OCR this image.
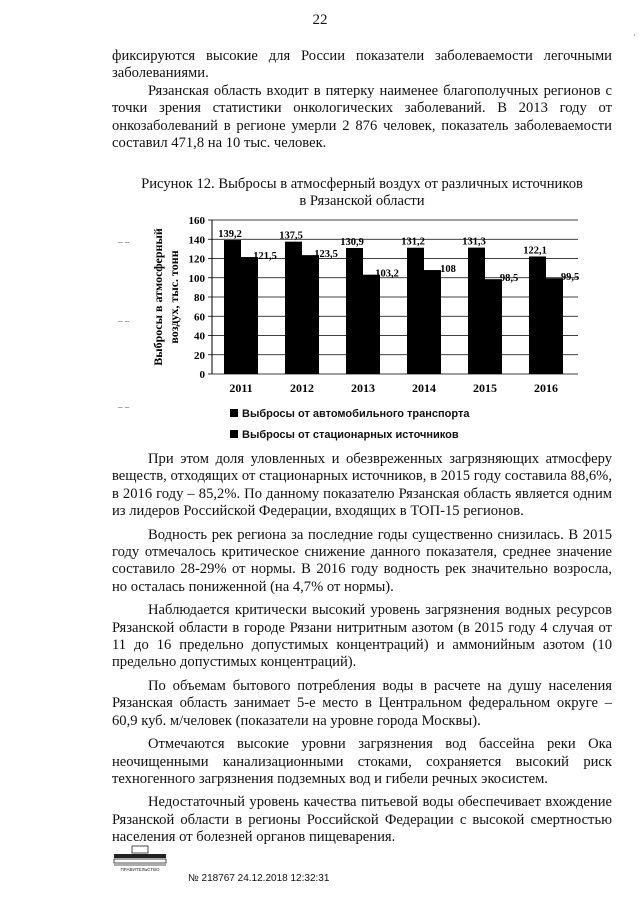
22
·

фиксируются высокие для России показатели заболеваемости легочными заболеваниями.

Рязанская область входит в пятерку наименее благополучных регионов с точки зрения статистики онкологических заболеваний. В 2013 году от онкозаболеваний в регионе умерли 2 876 человек, показатель заболеваемости составил 471,8 на 10 тыс. человек.

Рисунок 12. Выбросы в атмосферный воздух от различных источников
в Рязанской области
Выбросы в атмосферный воздух, тыс. тонн
0
20
40
60
80
100
120
140
160
139,2
121,5
137,5
123,5
130,9
103,2
131,2
108
131,3
98,5
122,1
99,5
2011	2012	2013	2014	2015	2016
Выбросы от автомобильного транспорта
Выбросы от стационарных источников
– –
– –
– –

При этом доля уловленных и обезвреженных загрязняющих атмосферу веществ, отходящих от стационарных источников, в 2015 году составила 88,6%, в 2016 году – 85,2%. По данному показателю Рязанская область является одним из лидеров Российской Федерации, входящих в ТОП-15 регионов.

Водность рек региона за последние годы существенно снизилась. В 2015 году отмечалось критическое снижение данного показателя, среднее значение составило 28-29% от нормы. В 2016 году водность рек значительно возросла, но осталась пониженной (на 4,7% от нормы).

Наблюдается критически высокий уровень загрязнения водных ресурсов Рязанской области в городе Рязани нитритным азотом (в 2015 году 4 случая от 11 до 16 предельно допустимых концентраций) и аммонийным азотом (10 предельно допустимых концентраций).

По объемам бытового потребления воды в расчете на душу населения Рязанская область занимает 5-е место в Центральном федеральном округе – 60,9 куб. м/человек (показатели на уровне города Москвы).

Отмечаются высокие уровни загрязнения вод бассейна реки Ока неочищенными канализационными стоками, сохраняется высокий риск техногенного загрязнения подземных вод и гибели речных экосистем.

Недостаточный уровень качества питьевой воды обеспечивает вхождение Рязанской области в регионы Российской Федерации с высокой смертностью населения от болезней органов пищеварения.

ПРАВИТЕЛЬСТВО
№ 218767 24.12.2018 12:32:31
